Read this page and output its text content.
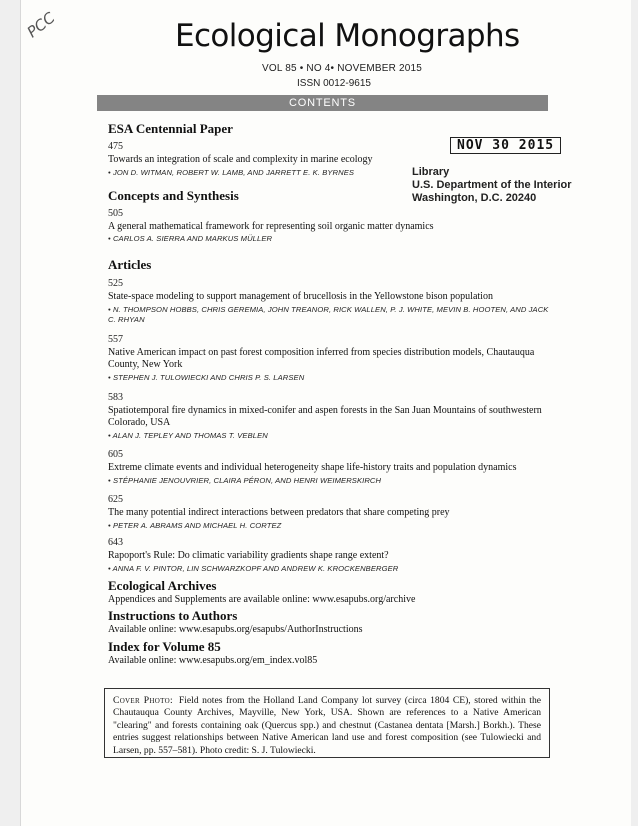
PCC	Ecological Monographs
VOL 85 • NO 4• NOVEMBER 2015
ISSN 0012-9615
CONTENTS
NOV 30 2015
Library
U.S. Department of the Interior
Washington, D.C. 20240
ESA Centennial Paper
475
Towards an integration of scale and complexity in marine ecology
• JON D. WITMAN, ROBERT W. LAMB, AND JARRETT E. K. BYRNES
Concepts and Synthesis
505
A general mathematical framework for representing soil organic matter dynamics
• CARLOS A. SIERRA AND MARKUS MÜLLER
Articles
525
State-space modeling to support management of brucellosis in the Yellowstone bison population
• N. THOMPSON HOBBS, CHRIS GEREMIA, JOHN TREANOR, RICK WALLEN, P. J. WHITE, MEVIN B. HOOTEN, AND JACK C. RHYAN
557
Native American impact on past forest composition inferred from species distribution models, Chautauqua County, New York
• STEPHEN J. TULOWIECKI AND CHRIS P. S. LARSEN
583
Spatiotemporal fire dynamics in mixed-conifer and aspen forests in the San Juan Mountains of southwestern Colorado, USA
• ALAN J. TEPLEY AND THOMAS T. VEBLEN
605
Extreme climate events and individual heterogeneity shape life-history traits and population dynamics
• STÉPHANIE JENOUVRIER, CLAIRA PÉRON, AND HENRI WEIMERSKIRCH
625
The many potential indirect interactions between predators that share competing prey
• PETER A. ABRAMS AND MICHAEL H. CORTEZ
643
Rapoport's Rule: Do climatic variability gradients shape range extent?
• ANNA F. V. PINTOR, LIN SCHWARZKOPF AND ANDREW K. KROCKENBERGER
Ecological Archives
Appendices and Supplements are available online: www.esapubs.org/archive
Instructions to Authors
Available online: www.esapubs.org/esapubs/AuthorInstructions
Index for Volume 85
Available online: www.esapubs.org/em_index.vol85
Cover Photo: Field notes from the Holland Land Company lot survey (circa 1804 CE), stored within the Chautauqua County Archives, Mayville, New York, USA. Shown are references to a Native American "clearing" and forests containing oak (Quercus spp.) and chestnut (Castanea dentata [Marsh.] Borkh.). These entries suggest relationships between Native American land use and forest composition (see Tulowiecki and Larsen, pp. 557–581). Photo credit: S. J. Tulowiecki.
